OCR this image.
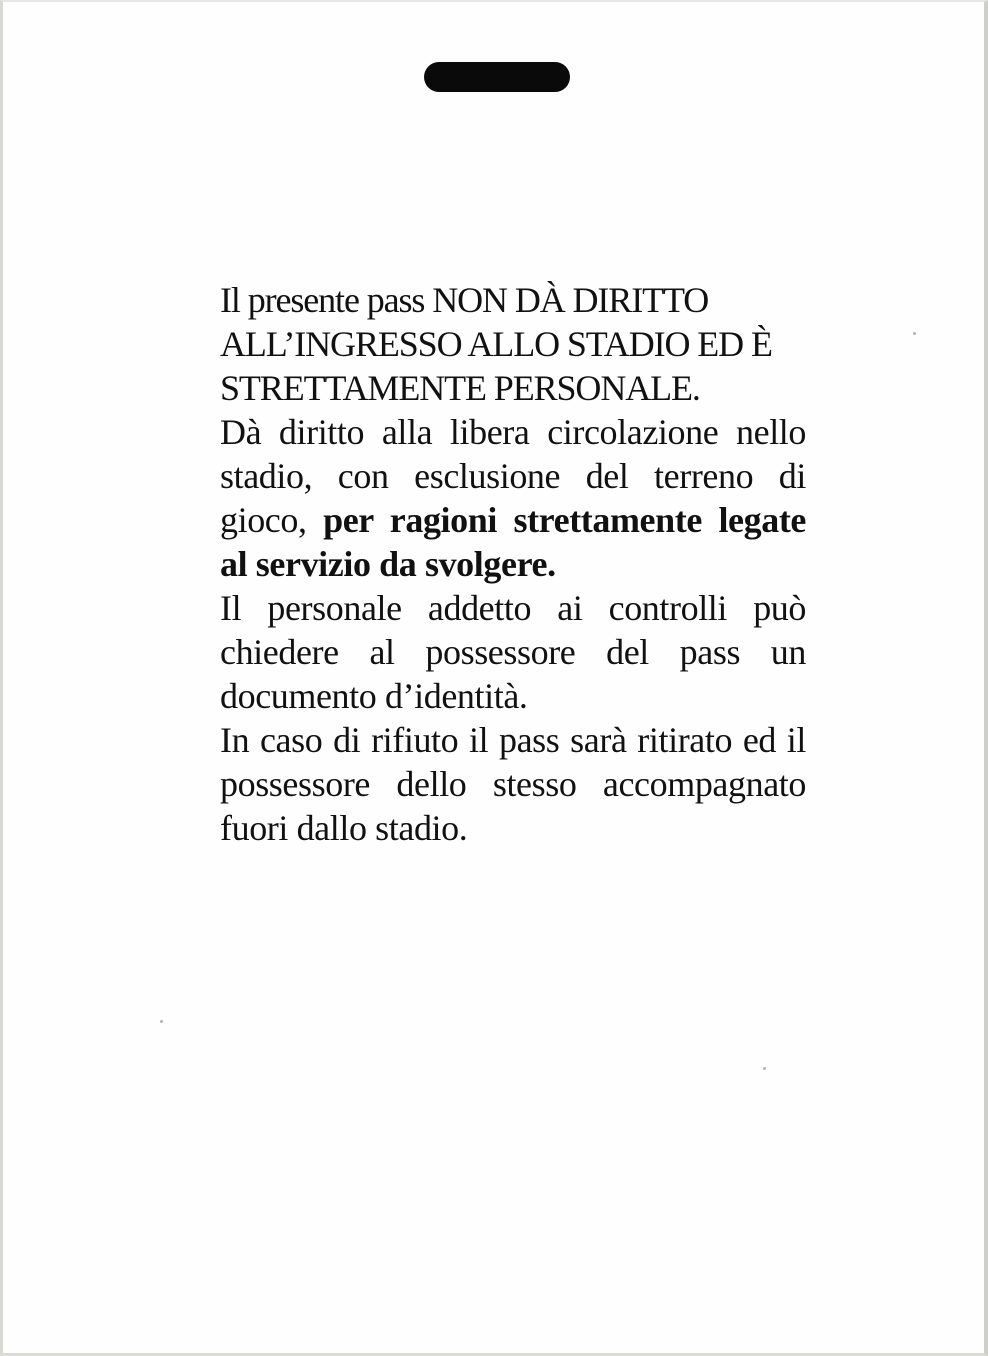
Il presente pass NON DÀ DIRITTO ALL’INGRESSO ALLO STADIO ED È STRETTAMENTE PERSONALE.

Dà diritto alla libera circolazione nello stadio, con esclusione del terreno di gioco, per ragioni strettamente legate al servizio da svolgere.

Il personale addetto ai controlli può chiedere al possessore del pass un documento d’identità.

In caso di rifiuto il pass sarà ritirato ed il possessore dello stesso accompagnato fuori dallo stadio.
